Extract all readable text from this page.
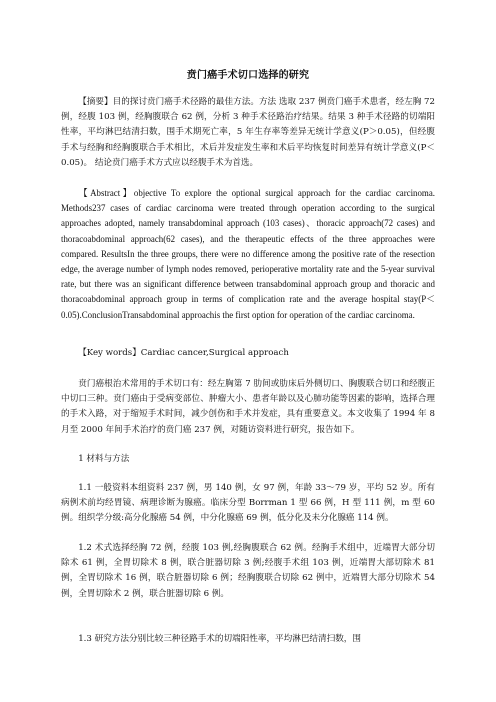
贲门癌手术切口选择的研究

【摘要】目的探讨贲门癌手术径路的最佳方法。方法 选取 237 例贲门癌手术患者，经左胸 72 例，经腹 103 例，经胸腹联合 62 例，分析 3 种手术径路治疗结果。结果 3 种手术径路的切端阳性率，平均淋巴结清扫数，围手术期死亡率，5 年生存率等差异无统计学意义(P＞0.05)，但经腹手术与经胸和经胸腹联合手术相比，术后并发症发生率和术后平均恢复时间差异有统计学意义(P＜0.05)。 结论贲门癌手术方式应以经腹手术为首选。

【Abstract】objective To explore the optional surgical approach for the cardiac carcinoma. Methods237 cases of cardiac carcinoma were treated through operation according to the surgical approaches adopted, namely transabdominal approach (103 cases)、thoracic approach(72 cases) and thoracoabdominal approach(62 cases), and the therapeutic effects of the three approaches were compared. ResultsIn the three groups, there were no difference among the positive rate of the resection edge, the average number of lymph nodes removed, perioperative mortality rate and the 5-year survival rate, but there was an significant difference between transabdominal approach group and thoracic and thoracoabdominal approach group in terms of complication rate and the average hospital stay(P＜0.05).ConclusionTransabdominal approachis the first option for operation of the cardiac carcinoma.

【Key words】Cardiac cancer,Surgical approach

贲门癌根治术常用的手术切口有：经左胸第 7 肋间或肋床后外侧切口、胸腹联合切口和经腹正中切口三种。贲门癌由于受病变部位、肿瘤大小、患者年龄以及心肺功能等因素的影响，选择合理的手术入路，对于缩短手术时间，减少创伤和手术并发症，具有重要意义。本文收集了 1994 年 8 月至 2000 年间手术治疗的贲门癌 237 例，对随访资料进行研究，报告如下。

1 材料与方法

1.1 一般资料本组资料 237 例，男 140 例，女 97 例，年龄 33～79 岁，平均 52 岁。所有病例术前均经胃镜、病理诊断为腺癌。临床分型 Borrman 1 型 66 例，H 型 111 例，m 型 60 例。组织学分级:高分化腺癌 54 例，中分化腺癌 69 例，低分化及未分化腺癌 114 例。

1.2 术式选择经胸 72 例，经腹 103 例,经胸腹联合 62 例。经胸手术组中，近端胃大部分切除术 61 例，全胃切除术 8 例，联合脏器切除 3 例;经腹手术组 103 例，近端胃大部切除术 81 例，全胃切除术 16 例，联合脏器切除 6 例；经胸腹联合切除 62 例中，近端胃大部分切除术 54 例，全胃切除术 2 例，联合脏器切除 6 例。

1.3 研究方法分别比较三种径路手术的切端阳性率，平均淋巴结清扫数，围
